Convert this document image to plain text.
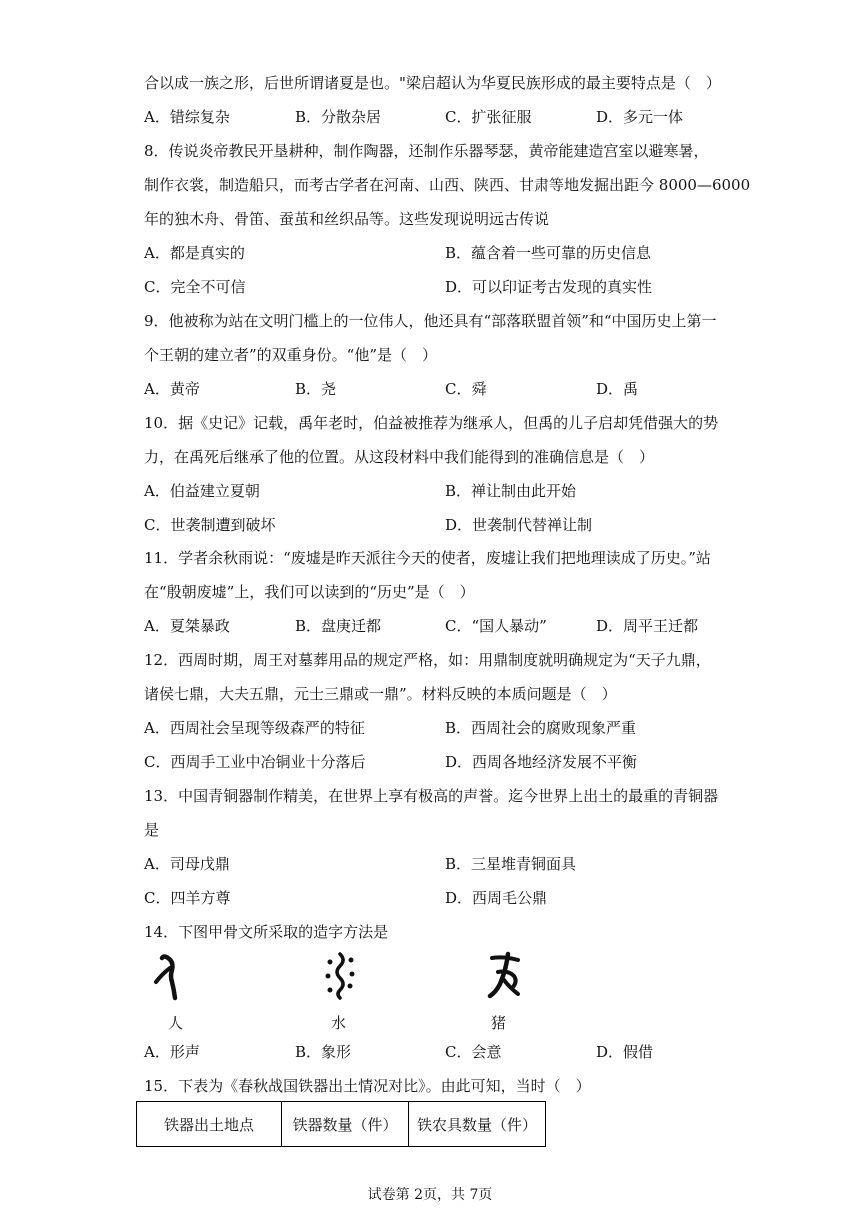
合以成一族之形，后世所谓诸夏是也。"梁启超认为华夏民族形成的最主要特点是（　）
A．错综复杂	B．分散杂居	C．扩张征服	D．多元一体
8．传说炎帝教民开垦耕种，制作陶器，还制作乐器琴瑟，黄帝能建造宫室以避寒暑，
制作衣裳，制造船只，而考古学者在河南、山西、陕西、甘肃等地发掘出距今 8000—6000
年的独木舟、骨笛、蚕茧和丝织品等。这些发现说明远古传说
A．都是真实的	B．蕴含着一些可靠的历史信息
C．完全不可信	D．可以印证考古发现的真实性
9．他被称为站在文明门槛上的一位伟人，他还具有“部落联盟首领”和“中国历史上第一
个王朝的建立者”的双重身份。“他”是（　）
A．黄帝	B．尧	C．舜	D．禹
10．据《史记》记载，禹年老时，伯益被推荐为继承人，但禹的儿子启却凭借强大的势
力，在禹死后继承了他的位置。从这段材料中我们能得到的准确信息是（　）
A．伯益建立夏朝	B．禅让制由此开始
C．世袭制遭到破坏	D．世袭制代替禅让制
11．学者余秋雨说：“废墟是昨天派往今天的使者，废墟让我们把地理读成了历史。”站
在“殷朝废墟”上，我们可以读到的“历史”是（　）
A．夏桀暴政	B．盘庚迁都	C．“国人暴动”	D．周平王迁都
12．西周时期，周王对墓葬用品的规定严格，如：用鼎制度就明确规定为“天子九鼎，
诸侯七鼎，大夫五鼎，元士三鼎或一鼎”。材料反映的本质问题是（　）
A．西周社会呈现等级森严的特征	B．西周社会的腐败现象严重
C．西周手工业中冶铜业十分落后	D．西周各地经济发展不平衡
13．中国青铜器制作精美，在世界上享有极高的声誉。迄今世界上出土的最重的青铜器
是
A．司母戊鼎	B．三星堆青铜面具
C．四羊方尊	D．西周毛公鼎
14．下图甲骨文所采取的造字方法是
人	水	猪
A．形声	B．象形	C．会意	D．假借
15．下表为《春秋战国铁器出土情况对比》。由此可知，当时（　）
铁器出土地点	铁器数量（件）	铁农具数量（件）
试卷第 2页，共 7页
